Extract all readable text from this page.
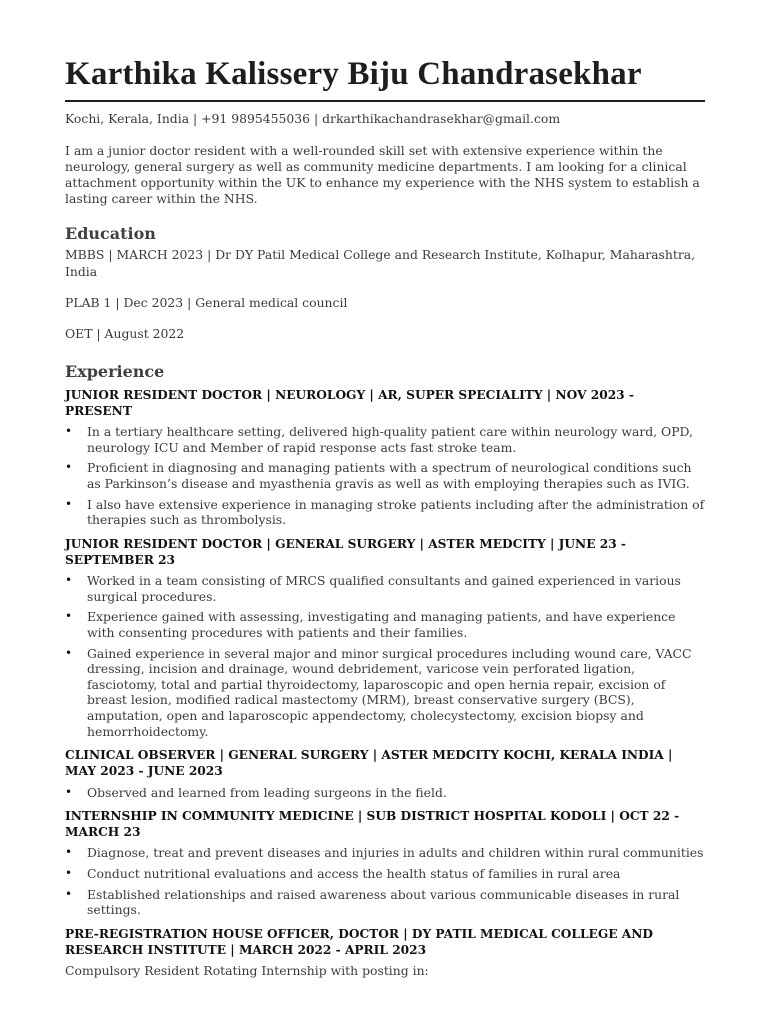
Karthika Kalissery Biju Chandrasekhar
Kochi, Kerala, India | +91 9895455036 | drkarthikachandrasekhar@gmail.com
I am a junior doctor resident with a well-rounded skill set with extensive experience within the neurology, general surgery as well as community medicine departments. I am looking for a clinical attachment opportunity within the UK to enhance my experience with the NHS system to establish a lasting career within the NHS.
Education
MBBS | MARCH 2023 | Dr DY Patil Medical College and Research Institute, Kolhapur, Maharashtra, India
PLAB 1 | Dec 2023 | General medical council
OET | August 2022
Experience
JUNIOR RESIDENT DOCTOR | NEUROLOGY | AR, SUPER SPECIALITY | NOV 2023 - PRESENT
• In a tertiary healthcare setting, delivered high-quality patient care within neurology ward, OPD, neurology ICU and Member of rapid response acts fast stroke team.
• Proficient in diagnosing and managing patients with a spectrum of neurological conditions such as Parkinson’s disease and myasthenia gravis as well as with employing therapies such as IVIG.
• I also have extensive experience in managing stroke patients including after the administration of therapies such as thrombolysis.
JUNIOR RESIDENT DOCTOR | GENERAL SURGERY | ASTER MEDCITY | JUNE 23 - SEPTEMBER 23
• Worked in a team consisting of MRCS qualified consultants and gained experienced in various surgical procedures.
• Experience gained with assessing, investigating and managing patients, and have experience with consenting procedures with patients and their families.
• Gained experience in several major and minor surgical procedures including wound care, VACC dressing, incision and drainage, wound debridement, varicose vein perforated ligation, fasciotomy, total and partial thyroidectomy, laparoscopic and open hernia repair, excision of breast lesion, modified radical mastectomy (MRM), breast conservative surgery (BCS), amputation, open and laparoscopic appendectomy, cholecystectomy, excision biopsy and hemorrhoidectomy.
CLINICAL OBSERVER | GENERAL SURGERY | ASTER MEDCITY KOCHI, KERALA INDIA | MAY 2023 - JUNE 2023
• Observed and learned from leading surgeons in the field.
INTERNSHIP IN COMMUNITY MEDICINE | SUB DISTRICT HOSPITAL KODOLI | OCT 22 - MARCH 23
• Diagnose, treat and prevent diseases and injuries in adults and children within rural communities
• Conduct nutritional evaluations and access the health status of families in rural area
• Established relationships and raised awareness about various communicable diseases in rural settings.
PRE-REGISTRATION HOUSE OFFICER, DOCTOR | DY PATIL MEDICAL COLLEGE AND RESEARCH INSTITUTE | MARCH 2022 - APRIL 2023
Compulsory Resident Rotating Internship with posting in:
